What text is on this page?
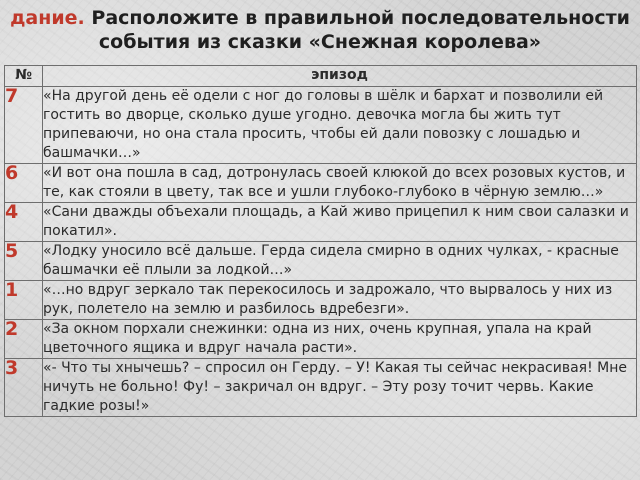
дание. Расположите в правильной последовательности
события из сказки «Снежная королева»
№	эпизод
7	«На другой день её одели с ног до головы в шёлк и бархат и позволили ей гостить во дворце, сколько душе угодно. девочка могла бы жить тут припеваючи, но она стала просить, чтобы ей дали повозку с лошадью и башмачки…»
6	«И вот она пошла в сад, дотронулась своей клюкой до всех розовых кустов, и те, как стояли в цвету, так все и ушли глубоко-глубоко в чёрную землю…»
4	«Сани дважды объехали площадь, а Кай живо прицепил к ним свои салазки и покатил».
5	«Лодку уносило всё дальше. Герда сидела смирно в одних чулках, - красные башмачки её плыли за лодкой…»
1	«…но вдруг зеркало так перекосилось и задрожало, что вырвалось у них из рук, полетело на землю и разбилось вдребезги».
2	«За окном порхали снежинки: одна из них, очень крупная, упала на край цветочного ящика и вдруг начала расти».
3	«- Что ты хнычешь? – спросил он Герду. – У! Какая ты сейчас некрасивая! Мне ничуть не больно! Фу! – закричал он вдруг. – Эту розу точит червь. Какие гадкие розы!»
